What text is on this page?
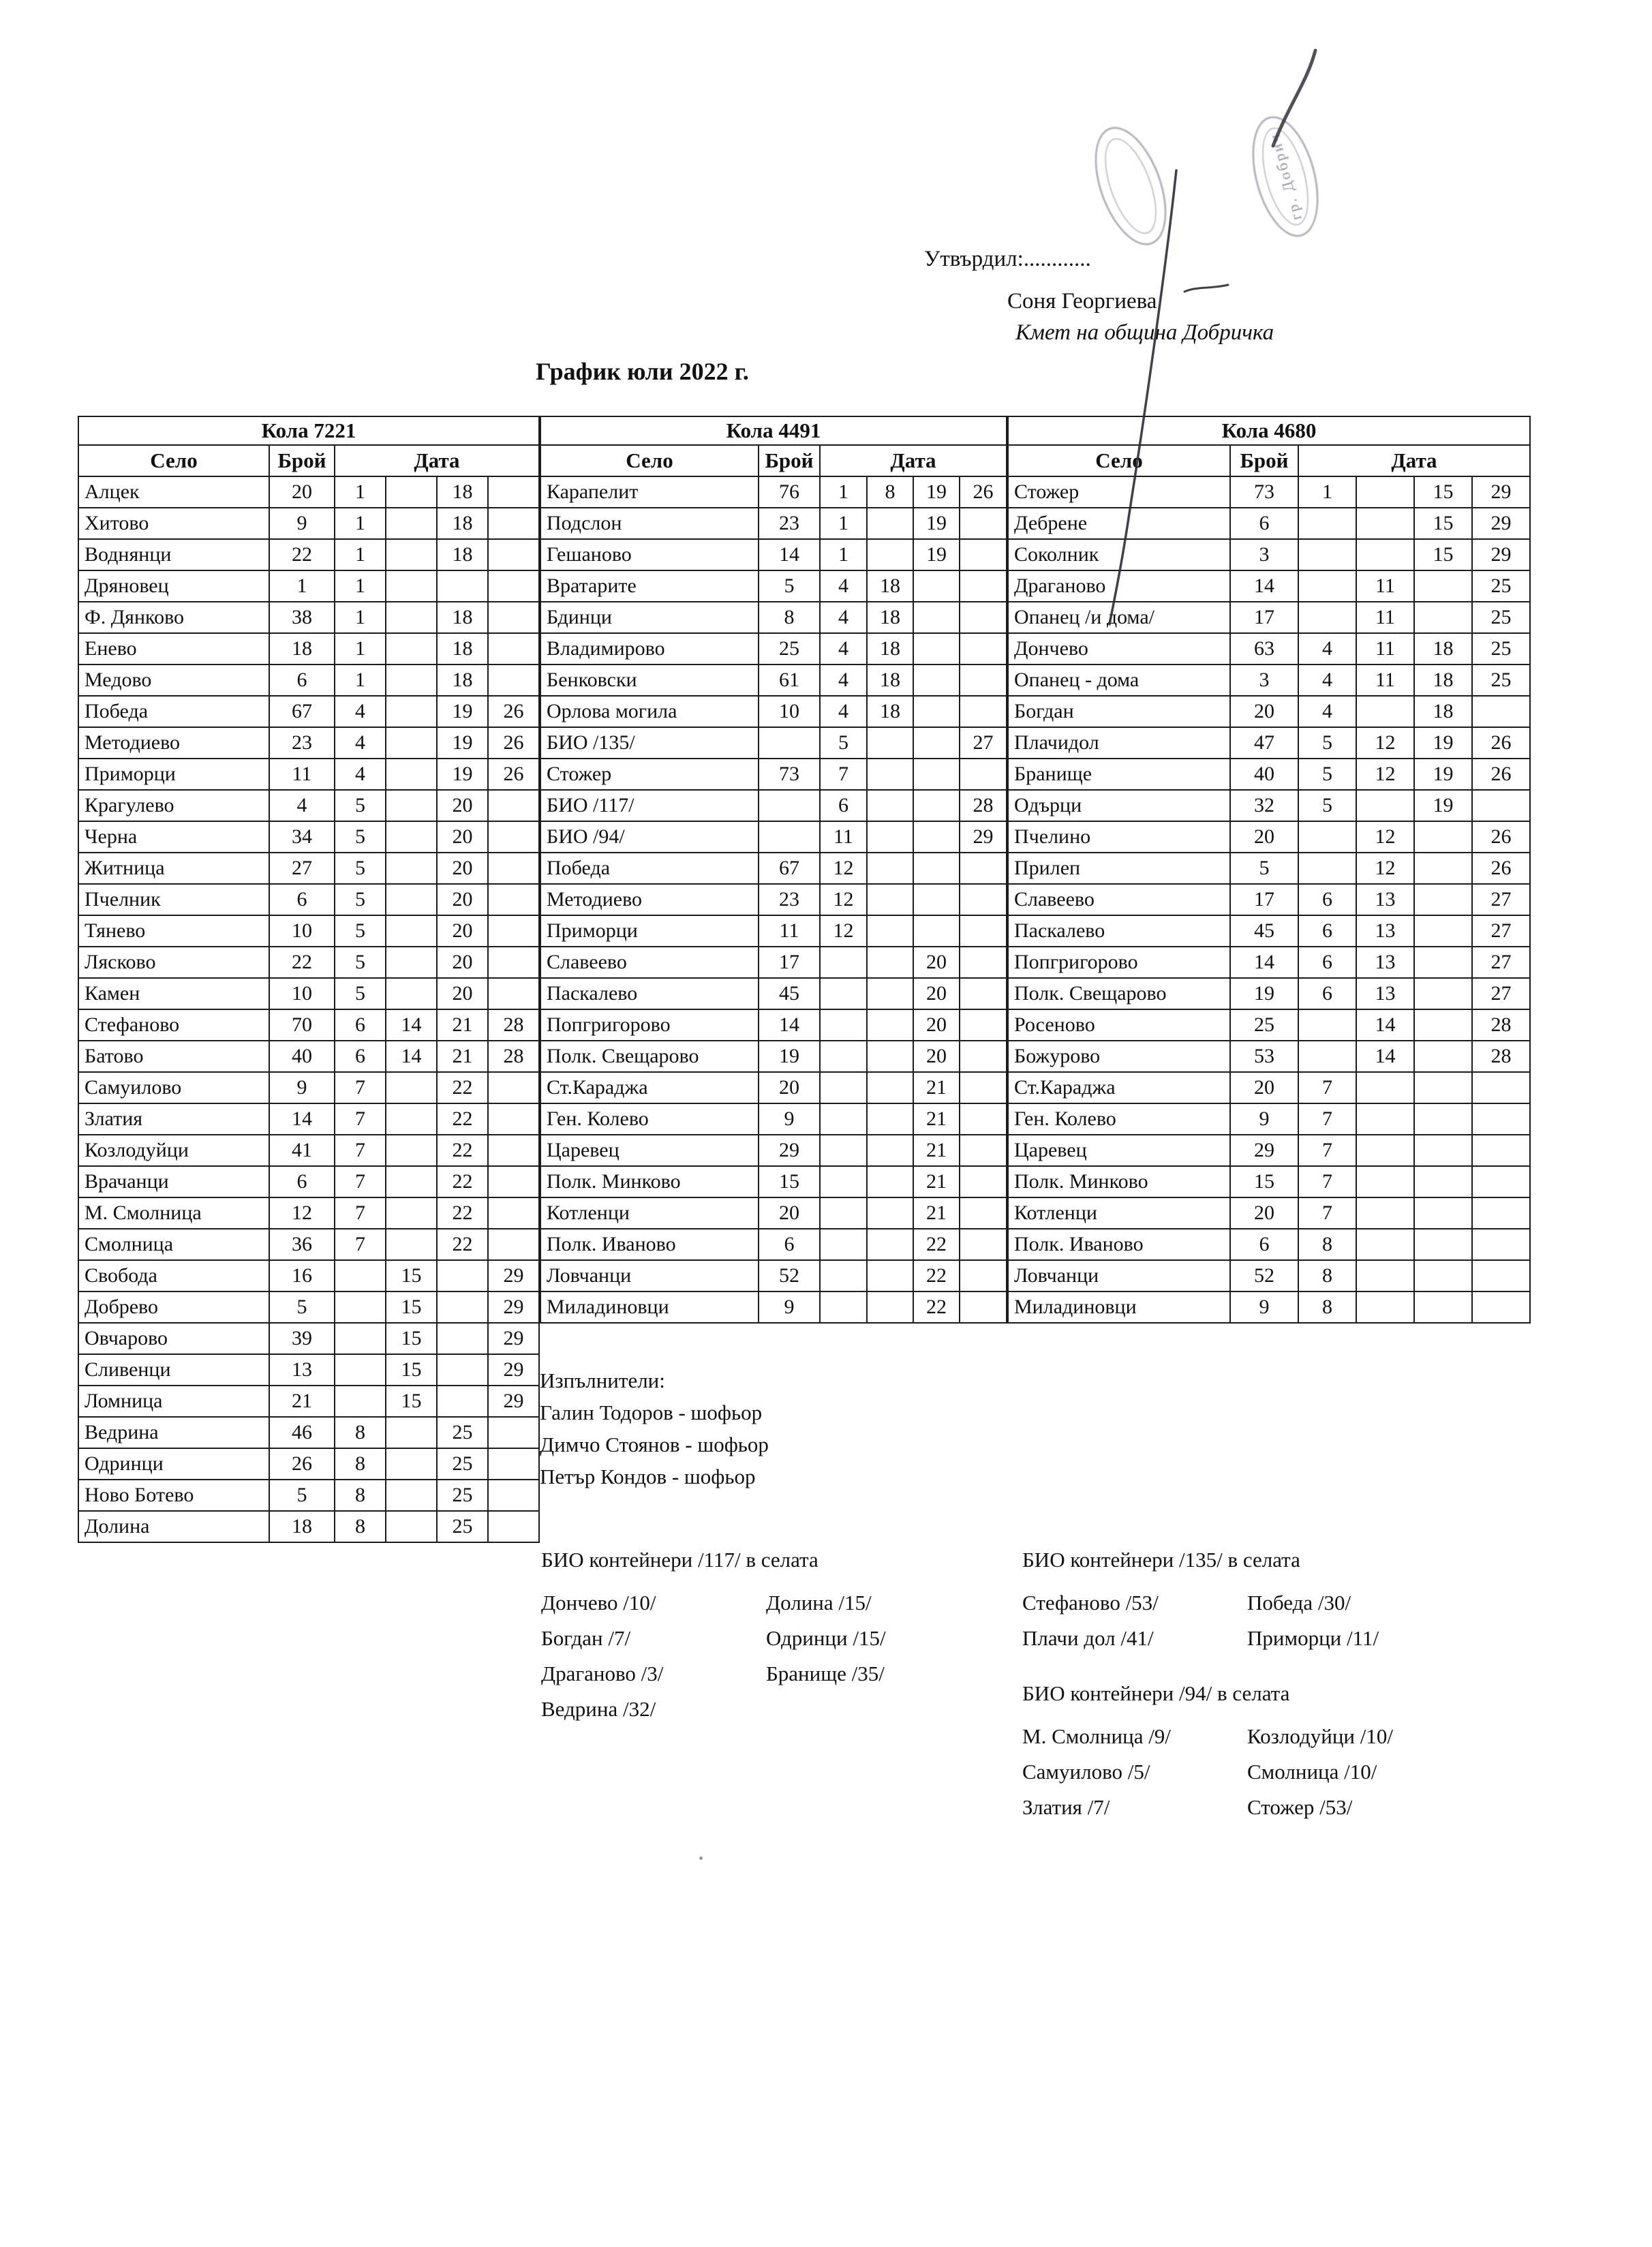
гр. Добрич
Утвърдил:............
Соня Георгиева
Кмет на община Добричка
График юли 2022 г.
Кола 7221					
Село	Брой	Дата			
Алцек	20	1		18	
Хитово	9	1		18	
Воднянци	22	1		18	
Дряновец	1	1			
Ф. Дянково	38	1		18	
Енево	18	1		18	
Медово	6	1		18	
Победа	67	4		19	26
Методиево	23	4		19	26
Приморци	11	4		19	26
Крагулево	4	5		20	
Черна	34	5		20	
Житница	27	5		20	
Пчелник	6	5		20	
Тянево	10	5		20	
Лясково	22	5		20	
Камен	10	5		20	
Стефаново	70	6	14	21	28
Батово	40	6	14	21	28
Самуилово	9	7		22	
Златия	14	7		22	
Козлодуйци	41	7		22	
Врачанци	6	7		22	
М. Смолница	12	7		22	
Смолница	36	7		22	
Свобода	16		15		29
Добрево	5		15		29
Овчарово	39		15		29
Сливенци	13		15		29
Ломница	21		15		29
Ведрина	46	8		25	
Одринци	26	8		25	
Ново Ботево	5	8		25	
Долина	18	8		25	
Кола 4491					
Село	Брой	Дата			
Карапелит	76	1	8	19	26
Подслон	23	1		19	
Гешаново	14	1		19	
Вратарите	5	4	18		
Бдинци	8	4	18		
Владимирово	25	4	18		
Бенковски	61	4	18		
Орлова могила	10	4	18		
БИО /135/		5			27
Стожер	73	7			
БИО /117/		6			28
БИО /94/		11			29
Победа	67	12			
Методиево	23	12			
Приморци	11	12			
Славеево	17			20	
Паскалево	45			20	
Попгригорово	14			20	
Полк. Свещарово	19			20	
Ст.Караджа	20			21	
Ген. Колево	9			21	
Царевец	29			21	
Полк. Минково	15			21	
Котленци	20			21	
Полк. Иваново	6			22	
Ловчанци	52			22	
Миладиновци	9			22	
Кола 4680					
Село	Брой	Дата			
Стожер	73	1		15	29
Дебрене	6			15	29
Соколник	3			15	29
Драганово	14		11		25
Опанец /и дома/	17		11		25
Дончево	63	4	11	18	25
Опанец - дома	3	4	11	18	25
Богдан	20	4		18	
Плачидол	47	5	12	19	26
Бранище	40	5	12	19	26
Одърци	32	5		19	
Пчелино	20		12		26
Прилеп	5		12		26
Славеево	17	6	13		27
Паскалево	45	6	13		27
Попгригорово	14	6	13		27
Полк. Свещарово	19	6	13		27
Росеново	25		14		28
Божурово	53		14		28
Ст.Караджа	20	7			
Ген. Колево	9	7			
Царевец	29	7			
Полк. Минково	15	7			
Котленци	20	7			
Полк. Иваново	6	8			
Ловчанци	52	8			
Миладиновци	9	8			
Изпълнители:
Галин Тодоров - шофьор
Димчо Стоянов - шофьор
Петър Кондов - шофьор
БИО контейнери /117/ в селата
Дончево /10/
Богдан /7/
Драганово /3/
Ведрина /32/
Долина /15/
Одринци /15/
Бранище /35/
БИО контейнери /135/ в селата
Стефаново /53/
Плачи дол /41/
Победа /30/
Приморци /11/
БИО контейнери /94/ в селата
М. Смолница /9/
Самуилово /5/
Златия /7/
Козлодуйци /10/
Смолница /10/
Стожер /53/
